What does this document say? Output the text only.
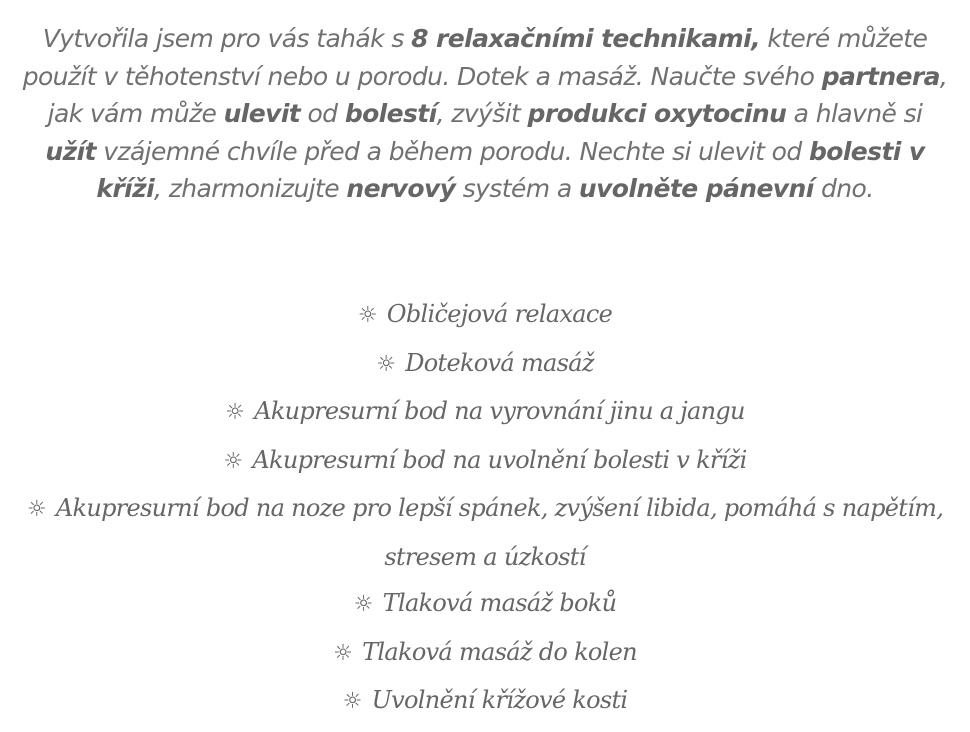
Vytvořila jsem pro vás tahák s 8 relaxačními technikami, které můžete použít v těhotenství nebo u porodu. Dotek a masáž. Naučte svého partnera, jak vám může ulevit od bolestí, zvýšit produkci oxytocinu a hlavně si užít vzájemné chvíle před a během porodu. Nechte si ulevit od bolesti v kříži, zharmonizujte nervový systém a uvolněte pánevní dno.
☼ Obličejová relaxace
☼ Doteková masáž
☼ Akupresurní bod na vyrovnání jinu a jangu
☼ Akupresurní bod na uvolnění bolesti v kříži
☼ Akupresurní bod na noze pro lepší spánek, zvýšení libida, pomáhá s napětím, stresem a úzkostí
☼ Tlaková masáž boků
☼ Tlaková masáž do kolen
☼ Uvolnění křížové kosti
